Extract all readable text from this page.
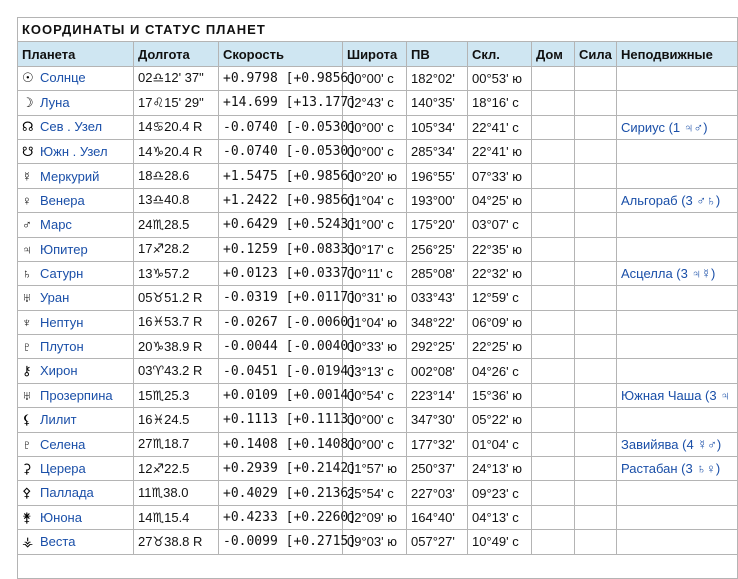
КООРДИНАТЫ И СТАТУС ПЛАНЕТ								
Планета	Долгота	Скорость	Широта	ПВ	Скл.	Дом	Сила	Неподвижные
☉ Солнце	02♎12' 37"	+0.9798 [+0.9856]	00°00' с	182°02'	00°53' ю			
☽ Луна	17♌15' 29"	+14.699 [+13.177]	02°43' с	140°35'	18°16' с			
☊ Сев . Узел	14♋20.4 R	-0.0740 [-0.0530]	00°00' с	105°34'	22°41' с			Сириус (1 ♃♂)
☋ Южн . Узел	14♑20.4 R	-0.0740 [-0.0530]	00°00' с	285°34'	22°41' ю			
☿ Меркурий	18♎28.6	+1.5475 [+0.9856]	00°20' ю	196°55'	07°33' ю			
♀ Венера	13♎40.8	+1.2422 [+0.9856]	01°04' с	193°00'	04°25' ю			Альгораб (3 ♂♄)
♂ Марс	24♏28.5	+0.6429 [+0.5243]	01°00' с	175°20'	03°07' с			
♃ Юпитер	17♐28.2	+0.1259 [+0.0833]	00°17' с	256°25'	22°35' ю			
♄ Сатурн	13♑57.2	+0.0123 [+0.0337]	00°11' с	285°08'	22°32' ю			Асцелла (3 ♃☿)
♅ Уран	05♉51.2 R	-0.0319 [+0.0117]	00°31' ю	033°43'	12°59' с			
♆ Нептун	16♓53.7 R	-0.0267 [-0.0060]	01°04' ю	348°22'	06°09' ю			
♇ Плутон	20♑38.9 R	-0.0044 [-0.0040]	00°33' ю	292°25'	22°25' ю			
⚷ Хирон	03♈43.2 R	-0.0451 [-0.0194]	03°13' с	002°08'	04°26' с			
♅ Прозерпина	15♏25.3	+0.0109 [+0.0014]	00°54' с	223°14'	15°36' ю			Южная Чаша (3 ♃
⚸ Лилит	16♓24.5	+0.1113 [+0.1113]	00°00' с	347°30'	05°22' ю			
♇ Селена	27♏18.7	+0.1408 [+0.1408]	00°00' с	177°32'	01°04' с			Завийява (4 ☿♂)
⚳ Церера	12♐22.5	+0.2939 [+0.2142]	01°57' ю	250°37'	24°13' ю			Растабан (3 ♄♀)
⚴ Паллада	11♏38.0	+0.4029 [+0.2136]	25°54' с	227°03'	09°23' с			
⚵ Юнона	14♏15.4	+0.4233 [+0.2260]	02°09' ю	164°40'	04°13' с			
⚶ Веста	27♉38.8 R	-0.0099 [+0.2715]	09°03' ю	057°27'	10°49' с			
